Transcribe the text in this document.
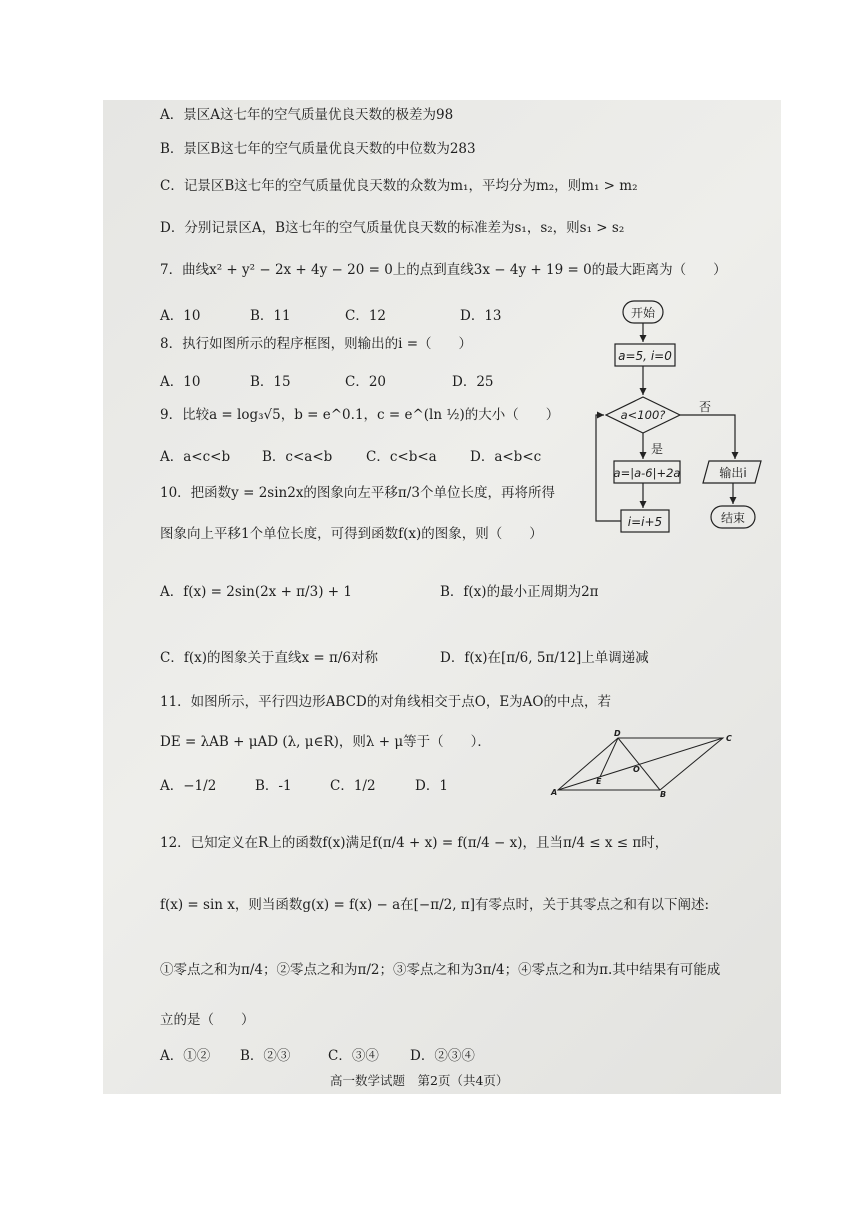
A．景区A这七年的空气质量优良天数的极差为98
B．景区B这七年的空气质量优良天数的中位数为283
C．记景区B这七年的空气质量优良天数的众数为m₁，平均分为m₂，则m₁ > m₂
D．分别记景区A，B这七年的空气质量优良天数的标准差为s₁，s₂，则s₁ > s₂
7．曲线x² + y² − 2x + 4y − 20 = 0上的点到直线3x − 4y + 19 = 0的最大距离为（　　）
A．10	B．11	C．12	D．13
8．执行如图所示的程序框图，则输出的i =（　　）
A．10	B．15	C．20	D．25
9．比较a = log₃√5，b = e^0.1，c = e^(ln ½)的大小（　　）
A．a<c<b B．c<a<b C．c<b<a D．a<b<c
10．把函数y = 2sin2x的图象向左平移π/3个单位长度，再将所得
图象向上平移1个单位长度，可得到函数f(x)的图象，则（　　）
A．f(x) = 2sin(2x + π/3) + 1	B．f(x)的最小正周期为2π
C．f(x)的图象关于直线x = π/6对称	D．f(x)在[π/6, 5π/12]上单调递减
11．如图所示，平行四边形ABCD的对角线相交于点O，E为AO的中点，若
DE = λAB + μAD (λ, μ∈R)，则λ + μ等于（　　）．
A．−1/2	B．-1	C．1/2	D．1
12．已知定义在R上的函数f(x)满足f(π/4 + x) = f(π/4 − x)，且当π/4 ≤ x ≤ π时，
f(x) = sin x，则当函数g(x) = f(x) − a在[−π/2, π]有零点时，关于其零点之和有以下阐述:
①零点之和为π/4；②零点之和为π/2；③零点之和为3π/4；④零点之和为π.其中结果有可能成
立的是（　　）
A．①② B．②③	C．③④ D．②③④
高一数学试题　第2页（共4页）
开始
a=5, i=0
a<100?
否
是
a=|a-6|+2a
i=i+5
输出i
结束
D
C
E
O
A	B
